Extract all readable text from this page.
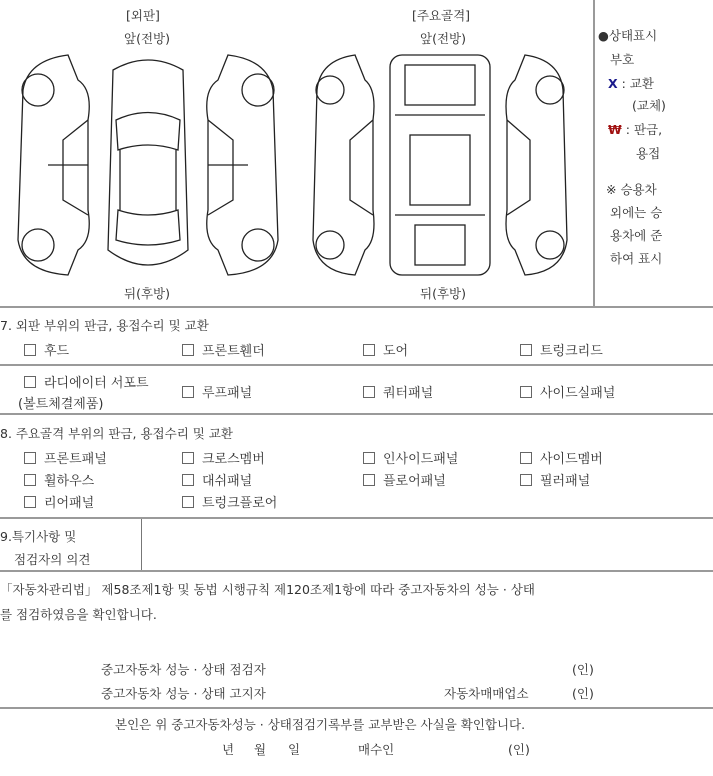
[외판]
앞(전방)
뒤(후방)
[주요골격]
앞(전방)
뒤(후방)
●상태표시
부호
X : 교환
(교체)
₩ : 판금,
용접
※ 승용차
외에는 승
용차에 준
하여 표시
7. 외판 부위의 판금, 용접수리 및 교환
후드	프론트휀더	도어	트렁크리드
라디에이터 서포트
(볼트체결제품)
루프패널	쿼터패널	사이드실패널
8. 주요골격 부위의 판금, 용접수리 및 교환
프론트패널	크로스멤버	인사이드패널	사이드멤버
휠하우스	대쉬패널	플로어패널	필러패널
리어패널	트렁크플로어
9.특기사항 및
점검자의 의견
「자동차관리법」 제58조제1항 및 동법 시행규칙 제120조제1항에 따라 중고자동차의 성능 · 상태
를 점검하였음을 확인합니다.
중고자동차 성능 · 상태 점검자	(인)
중고자동차 성능 · 상태 고지자	자동차매매업소	(인)
본인은 위 중고자동차성능 · 상태점검기록부를 교부받은 사실을 확인합니다.
년 월 일	매수인	(인)
